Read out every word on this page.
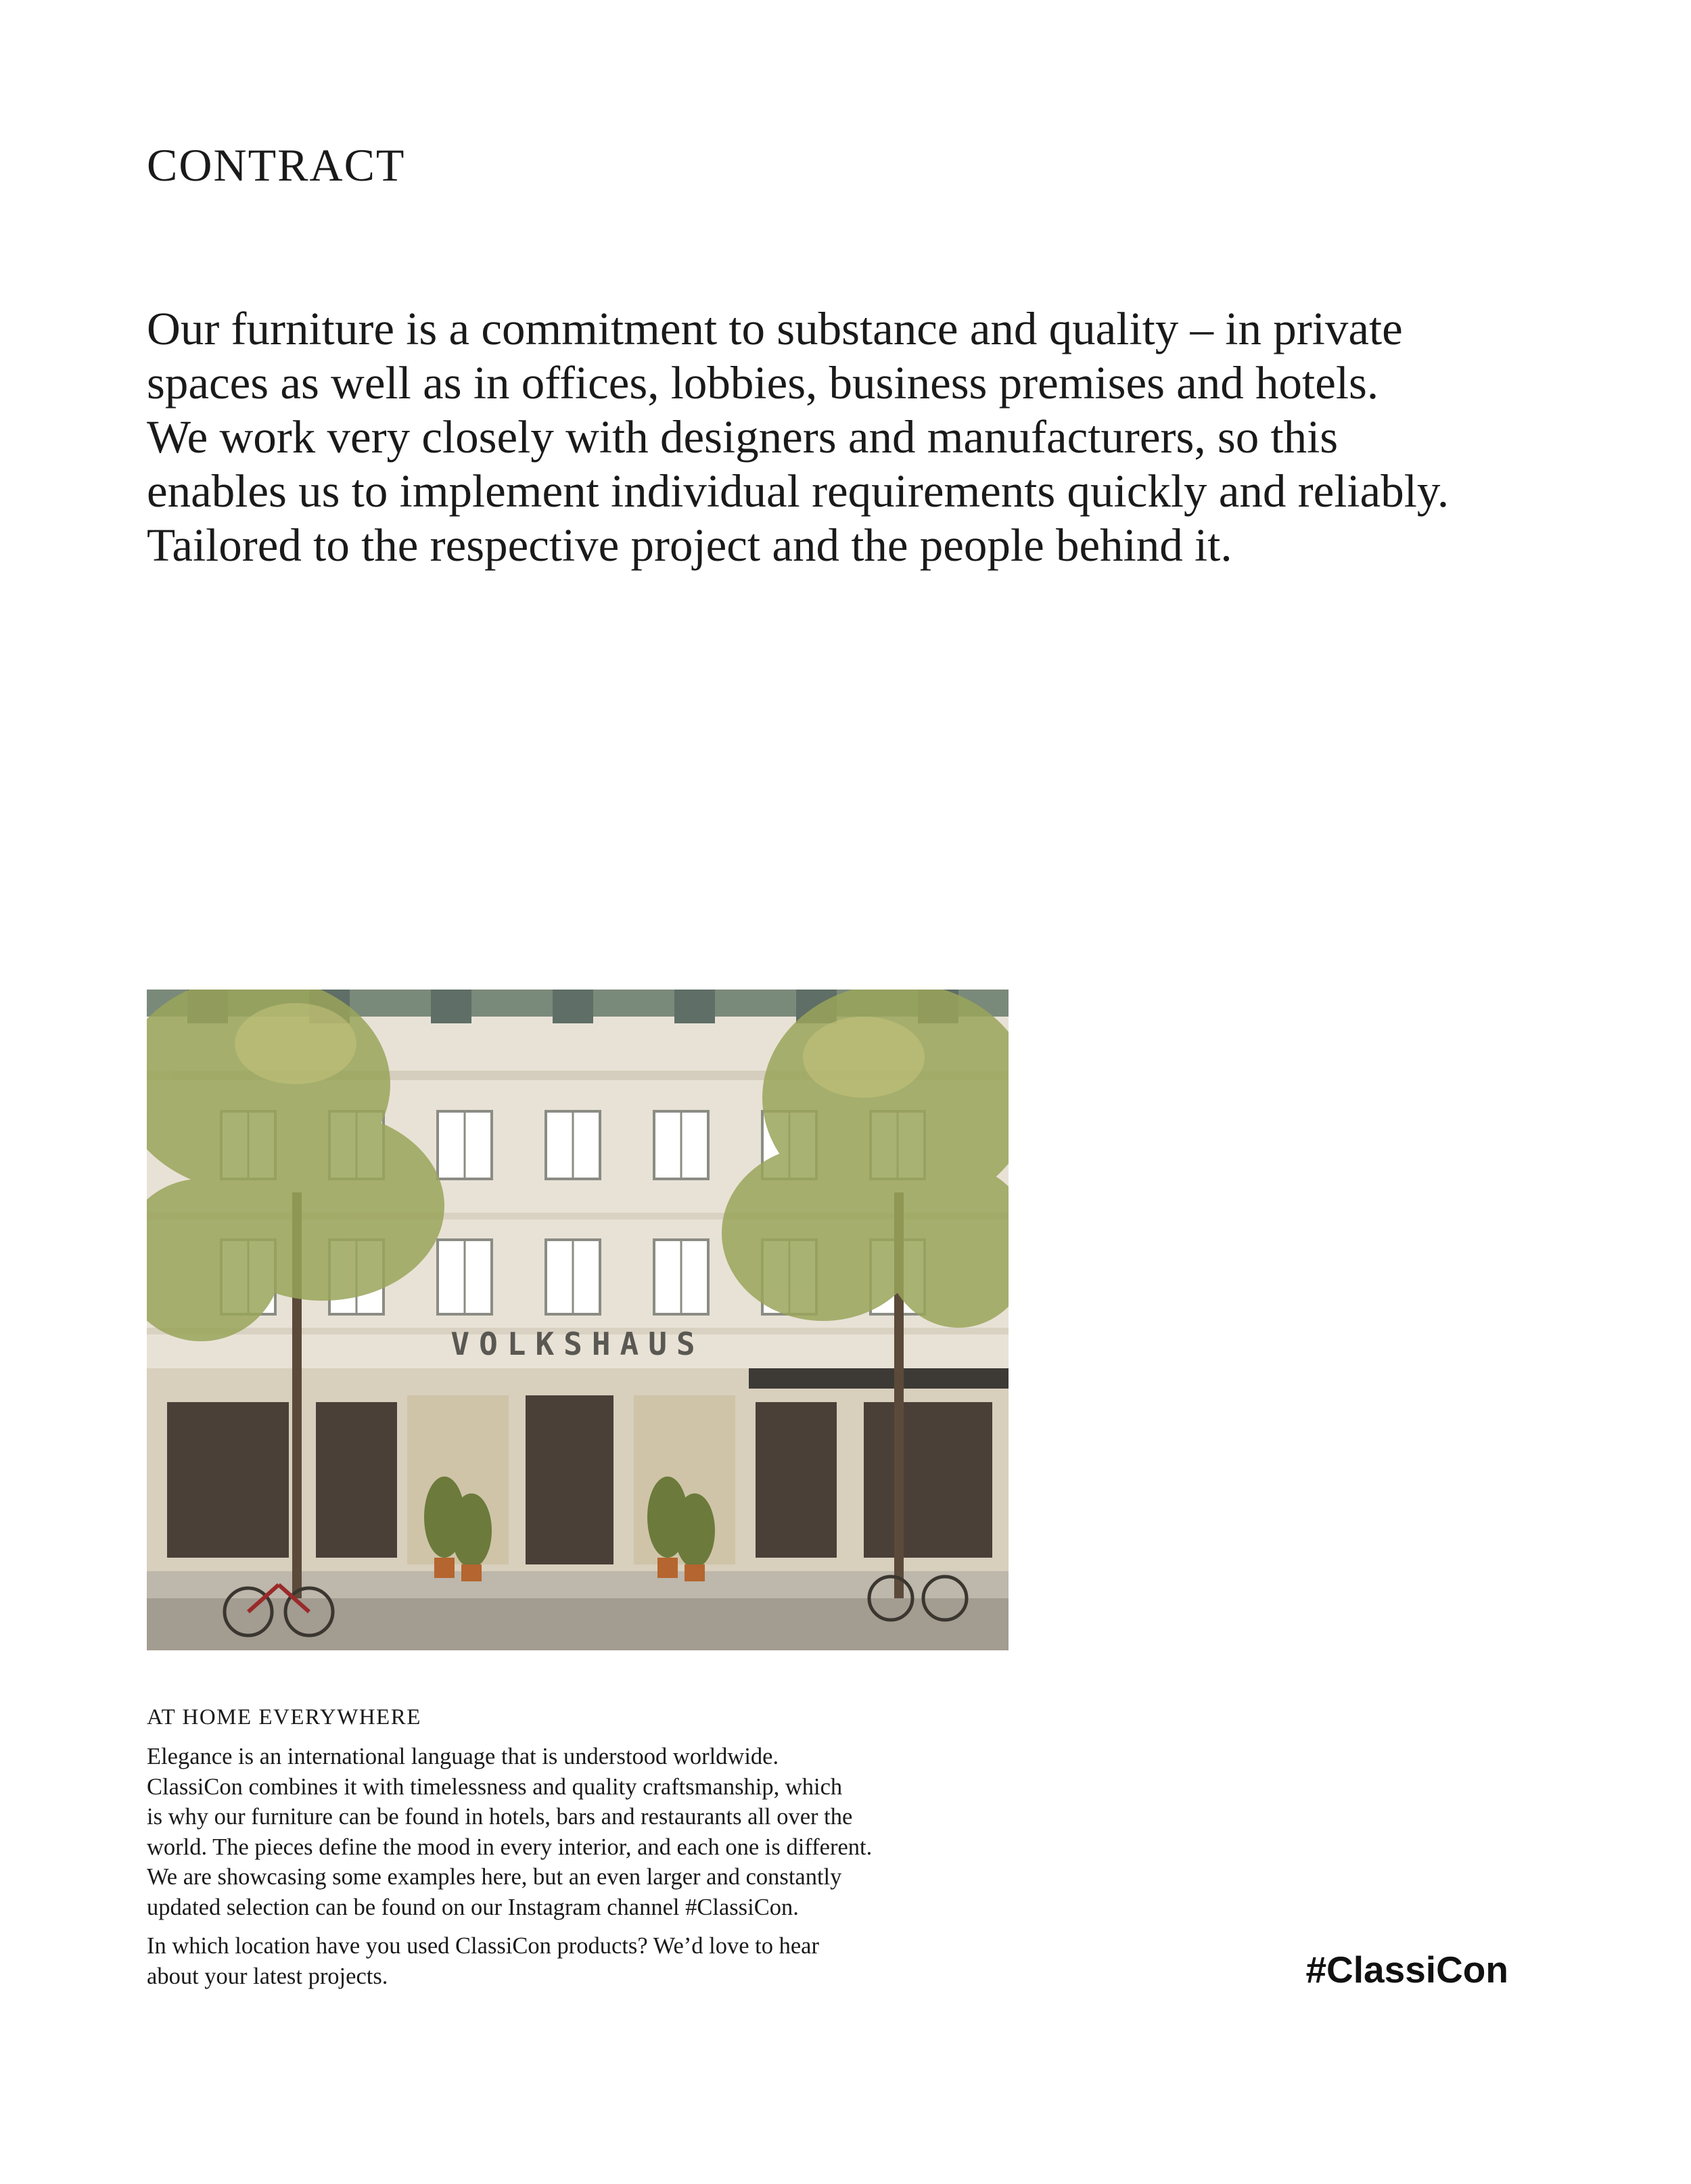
CONTRACT

Our furniture is a commitment to substance and quality – in private
spaces as well as in offices, lobbies, business premises and hotels.
We work very closely with designers and manufacturers, so this
enables us to implement individual requirements quickly and reliably.
Tailored to the respective project and the people behind it.

VOLKSHAUS
AT HOME EVERYWHERE

Elegance is an international language that is understood worldwide.
ClassiCon combines it with timelessness and quality craftsmanship, which
is why our furniture can be found in hotels, bars and restaurants all over the
world. The pieces define the mood in every interior, and each one is different.
We are showcasing some examples here, but an even larger and constantly
updated selection can be found on our Instagram channel #ClassiCon.

In which location have you used ClassiCon products? We’d love to hear
about your latest projects.	#ClassiCon
